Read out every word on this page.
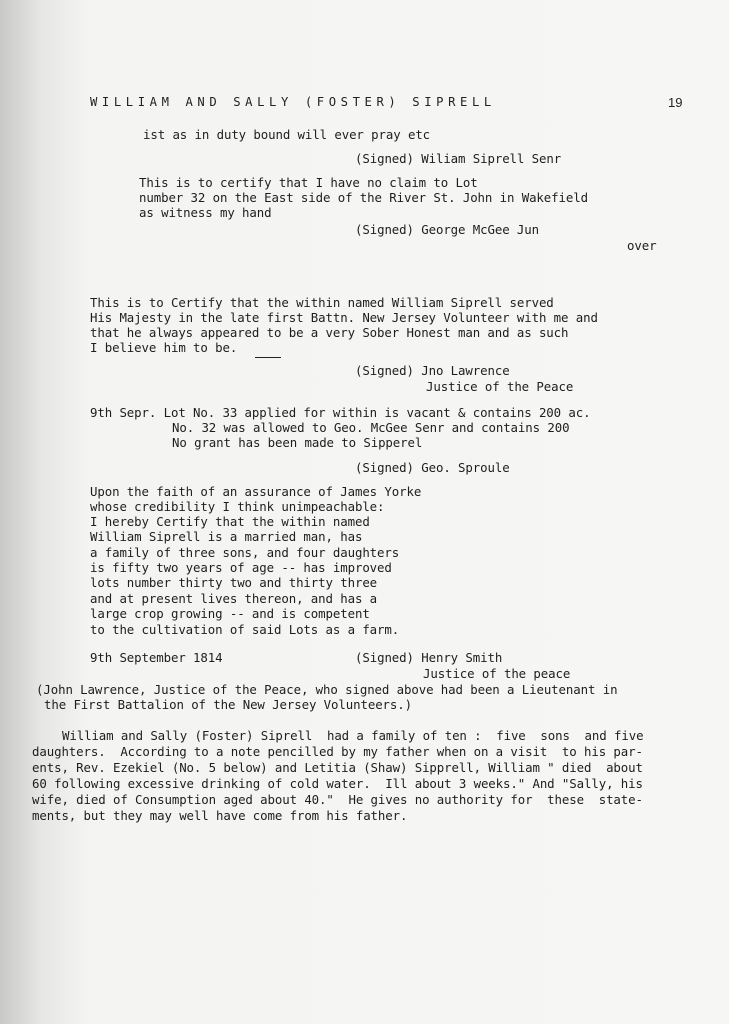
WILLIAM AND SALLY (FOSTER) SIPRELL	19
ist as in duty bound will ever pray etc
(Signed) Wiliam Siprell Senr
This is to certify that I have no claim to Lot
number 32 on the East side of the River St. John in Wakefield
as witness my hand
(Signed) George McGee Jun
over
This is to Certify that the within named William Siprell served
His Majesty in the late first Battn. New Jersey Volunteer with me and
that he always appeared to be a very Sober Honest man and as such
I believe him to be.
(Signed) Jno Lawrence
Justice of the Peace
9th Sepr. Lot No. 33 applied for within is vacant & contains 200 ac.
No. 32 was allowed to Geo. McGee Senr and contains 200
No grant has been made to Sipperel
(Signed) Geo. Sproule
Upon the faith of an assurance of James Yorke
whose credibility I think unimpeachable:
I hereby Certify that the within named
William Siprell is a married man, has
a family of three sons, and four daughters
is fifty two years of age -- has improved
lots number thirty two and thirty three
and at present lives thereon, and has a
large crop growing -- and is competent
to the cultivation of said Lots as a farm.
9th September 1814	(Signed) Henry Smith
Justice of the peace
(John Lawrence, Justice of the Peace, who signed above had been a Lieutenant in
the First Battalion of the New Jersey Volunteers.)
William and Sally (Foster) Siprell  had a family of ten :  five  sons  and five
daughters.  According to a note pencilled by my father when on a visit  to his par-
ents, Rev. Ezekiel (No. 5 below) and Letitia (Shaw) Sipprell, William " died  about
60 following excessive drinking of cold water.  Ill about 3 weeks." And "Sally, his
wife, died of Consumption aged about 40."  He gives no authority for  these  state-
ments, but they may well have come from his father.
